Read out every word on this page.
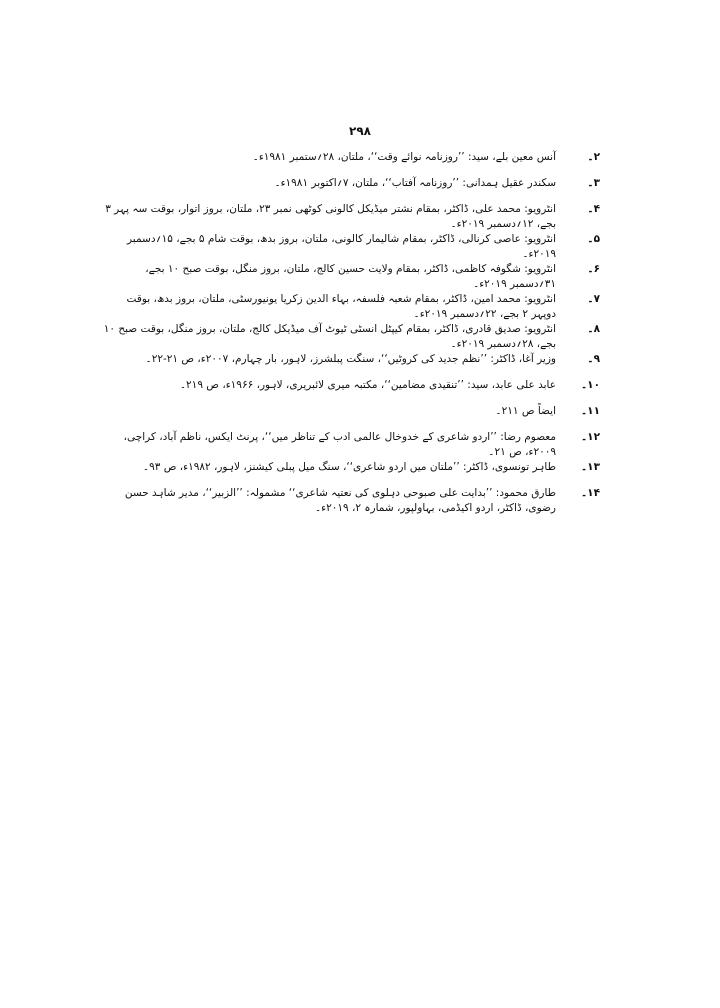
۲۹۸
۲۔
آنس معین بلے، سید: ’’روزنامہ نوائے وقت‘‘، ملتان، ۲۸؍ستمبر ۱۹۸۱ء۔
۳۔
سکندر عقیل ہمدانی: ’’روزنامہ آفتاب‘‘، ملتان، ۷؍اکتوبر ۱۹۸۱ء۔
۴۔
انٹرویو: محمد علی، ڈاکٹر، بمقام نشتر میڈیکل کالونی کوٹھی نمبر ۲۳، ملتان، بروز اتوار، بوقت سہ پہر ۳ بجے، ۱۲؍دسمبر ۲۰۱۹ء۔
۵۔
انٹرویو: عاصی کرنالی، ڈاکٹر، بمقام شالیمار کالونی، ملتان، بروز بدھ، بوقت شام ۵ بجے، ۱۵؍دسمبر ۲۰۱۹ء۔
۶۔
انٹرویو: شگوفہ کاظمی، ڈاکٹر، بمقام ولایت حسین کالج، ملتان، بروز منگل، بوقت صبح ۱۰ بجے، ۳۱؍دسمبر ۲۰۱۹ء۔
۷۔
انٹرویو: محمد امین، ڈاکٹر، بمقام شعبہ فلسفہ، بہاء الدین زکریا یونیورسٹی، ملتان، بروز بدھ، بوقت دوپہر ۲ بجے، ۲۲؍دسمبر ۲۰۱۹ء۔
۸۔
انٹرویو: صدیق قادری، ڈاکٹر، بمقام کیپٹل انسٹی ٹیوٹ آف میڈیکل کالج، ملتان، بروز منگل، بوقت صبح ۱۰ بجے، ۲۸؍دسمبر ۲۰۱۹ء۔
۹۔
وزیر آغا، ڈاکٹر: ’’نظم جدید کی کروٹیں‘‘، سنگت پبلشرز، لاہور، بار چہارم، ۲۰۰۷ء، ص ۲۱-۲۲۔
۱۰۔
عابد علی عابد، سید: ’’تنقیدی مضامین‘‘، مکتبہ میری لائبریری، لاہور، ۱۹۶۶ء، ص ۲۱۹۔
۱۱۔
ایضاً ص ۲۱۱۔
۱۲۔
معصوم رضا: ’’اردو شاعری کے خدوخال عالمی ادب کے تناظر میں‘‘، پرنٹ ایکس، ناظم آباد، کراچی، ۲۰۰۹ء، ص ۲۱۔
۱۳۔
طاہر تونسوی، ڈاکٹر: ’’ملتان میں اردو شاعری‘‘، سنگ میل پبلی کیشنز، لاہور، ۱۹۸۲ء، ص ۹۳۔
۱۴۔
طارق محمود: ’’بدایت علی صبوحی دہلوی کی نعتیہ شاعری‘‘ مشمولہ: ’’الزبیر‘‘، مدیر شاہد حسن رضوی، ڈاکٹر، اردو اکیڈمی، بہاولپور، شمارہ ۲، ۲۰۱۹ء۔
